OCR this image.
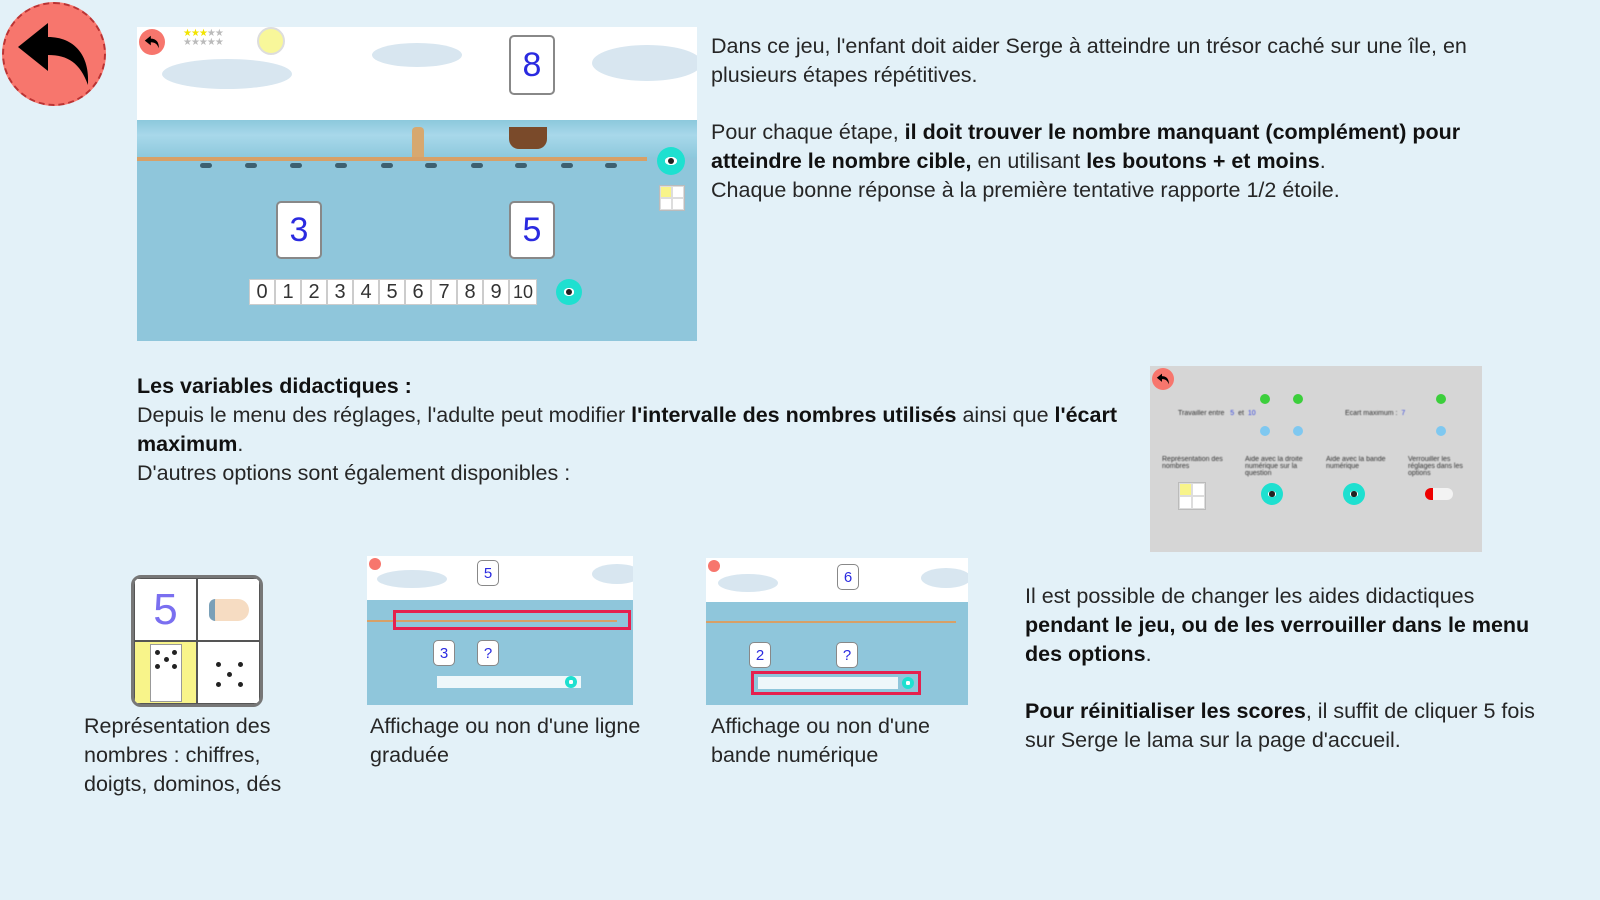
★★★★★
★★★★★
8
3	5
0 1 2 3 4 5 6 7 8 9 10

Dans ce jeu, l'enfant doit aider Serge à atteindre un trésor caché sur une île, en plusieurs étapes répétitives.

Pour chaque étape, il doit trouver le nombre manquant (complément) pour atteindre le nombre cible, en utilisant les boutons + et moins.

Chaque bonne réponse à la première tentative rapporte 1/2 étoile.

Les variables didactiques :

Depuis le menu des réglages, l'adulte peut modifier l'intervalle des nombres utilisés ainsi que l'écart maximum.

D'autres options sont également disponibles :

Travailler entre 5 et 10	Ecart maximum : 7
Représentation des nombres
Aide avec la droite numérique sur la question
Aide avec la bande numérique
Verrouiller les réglages dans les options
5
Représentation des nombres : chiffres, doigts, dominos, dés
5
3	?
Affichage ou non d'une ligne graduée
6
2	?
Affichage ou non d'une bande numérique

Il est possible de changer les aides didactiques pendant le jeu, ou de les verrouiller dans le menu des options.

Pour réinitialiser les scores, il suffit de cliquer 5 fois sur Serge le lama sur la page d'accueil.
